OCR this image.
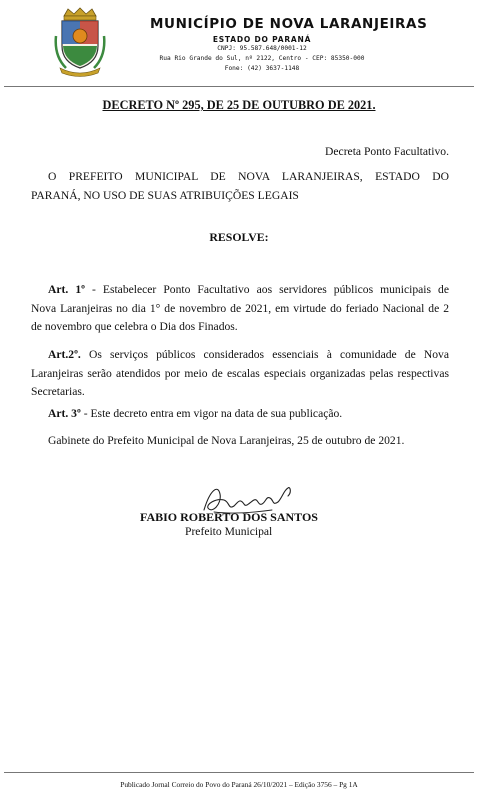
MUNICÍPIO DE NOVA LARANJEIRAS
ESTADO DO PARANÁ
CNPJ: 95.587.648/0001-12
Rua Rio Grande do Sul, nº 2122, Centro - CEP: 85350-000
Fone: (42) 3637-1148
DECRETO Nº 295, DE 25 DE OUTUBRO DE 2021.
Decreta Ponto Facultativo.
O PREFEITO MUNICIPAL DE NOVA LARANJEIRAS, ESTADO DO
PARANÁ, NO USO DE SUAS ATRIBUIÇÕES LEGAIS
RESOLVE:
Art. 1º - Estabelecer Ponto Facultativo aos servidores públicos municipais de
Nova Laranjeiras no dia 1° de novembro de 2021, em virtude do feriado Nacional de 2
de novembro que celebra o Dia dos Finados.
Art.2º. Os serviços públicos considerados essenciais à comunidade de Nova
Laranjeiras serão atendidos por meio de escalas especiais organizadas pelas respectivas
Secretarias.
Art. 3º - Este decreto entra em vigor na data de sua publicação.
Gabinete do Prefeito Municipal de Nova Laranjeiras, 25 de outubro de 2021.
FABIO ROBERTO DOS SANTOS
Prefeito Municipal
Publicado Jornal Correio do Povo do Paraná 26/10/2021 – Edição 3756 – Pg 1A
